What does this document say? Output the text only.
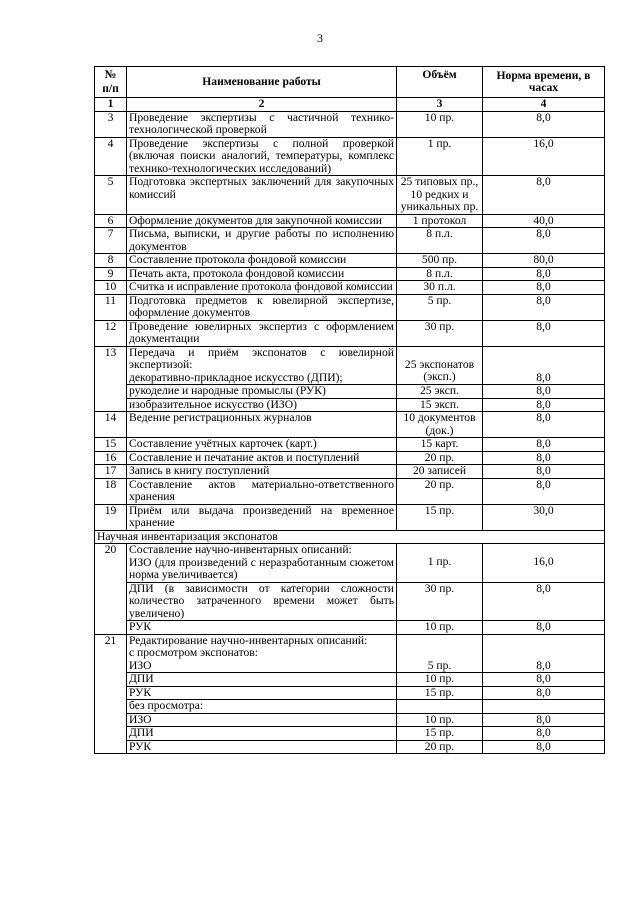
3
№
п/п	Наименование работы	Объём	Норма времени, в часах
1	2	3	4
3	Проведение экспертизы с частичной технико-технологической проверкой	10 пр.	8,0
4	Проведение экспертизы с полной проверкой (включая поиски аналогий, температуры, комплекс технико-технологических исследований)	1 пр.	16,0
5	Подготовка экспертных заключений для закупочных комиссий	25 типовых пр., 10 редких и уникальных пр.	8,0
6	Оформление документов для закупочной комиссии	1 протокол	40,0
7	Письма, выписки, и другие работы по исполнению документов	8 п.л.	8,0
8	Составление протокола фондовой комиссии	500 пр.	80,0
9	Печать акта, протокола фондовой комиссии	8 п.л.	8,0
10	Считка и исправление протокола фондовой комиссии	30 п.л.	8,0
11	Подготовка предметов к ювелирной экспертизе, оформление документов	5 пр.	8,0
12	Проведение ювелирных экспертиз с оформлением документации	30 пр.	8,0
13	Передача и приём экспонатов с ювелирной экспертизой:
декоративно-прикладное искусство (ДПИ);	25 экспонатов (эксп.)	8,0
	рукоделие и народные промыслы (РУК)	25 эксп.	8,0
	изобразительное искусство (ИЗО)	15 эксп.	8,0
14	Ведение регистрационных журналов	10 документов (док.)	8,0
15	Составление учётных карточек (карт.)	15 карт.	8,0
16	Составление и печатание актов и поступлений	20 пр.	8,0
17	Запись в книгу поступлений	20 записей	8,0
18	Составление актов материально-ответственного хранения	20 пр.	8,0
19	Приём или выдача произведений на временное хранение	15 пр.	30,0
Научная инвентаризация экспонатов			
20	Составление научно-инвентарных описаний:
ИЗО (для произведений с неразработанным сюжетом норма увеличивается)	1 пр.	16,0
	ДПИ (в зависимости от категории сложности количество затраченного времени может быть увеличено)	30 пр.	8,0
	РУК	10 пр.	8,0
21	Редактирование научно-инвентарных описаний:
с просмотром экспонатов:
ИЗО	5 пр.	8,0
	ДПИ	10 пр.	8,0
	РУК	15 пр.	8,0
	без просмотра:		
	ИЗО	10 пр.	8,0
	ДПИ	15 пр.	8,0
	РУК	20 пр.	8,0
